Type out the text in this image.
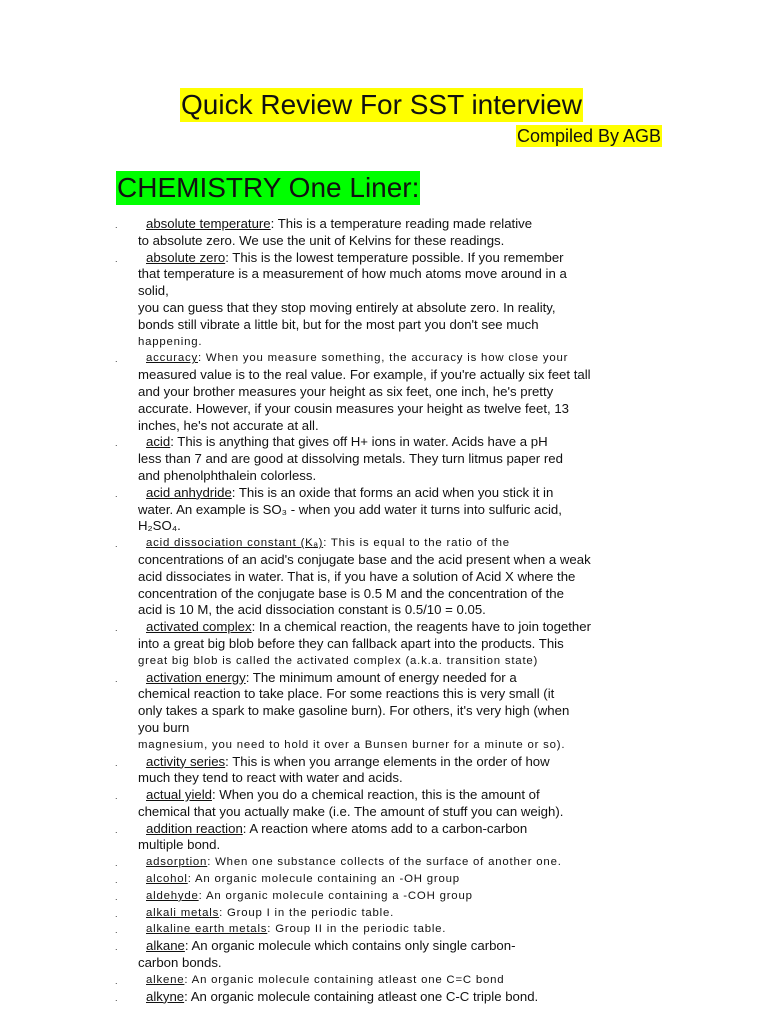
Quick Review For SST interview
Compiled By AGB
CHEMISTRY One Liner:
.	absolute temperature: This is a temperature reading made relative
to absolute zero. We use the unit of Kelvins for these readings.
.	absolute zero: This is the lowest temperature possible. If you remember
that temperature is a measurement of how much atoms move around in a
solid,
you can guess that they stop moving entirely at absolute zero. In reality,
bonds still vibrate a little bit, but for the most part you don't see much
happening.
.	accuracy: When you measure something, the accuracy is how close your
measured value is to the real value. For example, if you're actually six feet tall
and your brother measures your height as six feet, one inch, he's pretty
accurate. However, if your cousin measures your height as twelve feet, 13
inches, he's not accurate at all.
.	acid: This is anything that gives off H+ ions in water. Acids have a pH
less than 7 and are good at dissolving metals. They turn litmus paper red
and phenolphthalein colorless.
.	acid anhydride: This is an oxide that forms an acid when you stick it in
water. An example is SO₃ - when you add water it turns into sulfuric acid,
H₂SO₄.
.	acid dissociation constant (Kₐ): This is equal to the ratio of the
concentrations of an acid's conjugate base and the acid present when a weak
acid dissociates in water. That is, if you have a solution of Acid X where the
concentration of the conjugate base is 0.5 M and the concentration of the
acid is 10 M, the acid dissociation constant is 0.5/10 = 0.05.
.	activated complex: In a chemical reaction, the reagents have to join together
into a great big blob before they can fallback apart into the products. This
great big blob is called the activated complex (a.k.a. transition state)
.	activation energy: The minimum amount of energy needed for a
chemical reaction to take place. For some reactions this is very small (it
only takes a spark to make gasoline burn). For others, it's very high (when
you burn
magnesium, you need to hold it over a Bunsen burner for a minute or so).
.	activity series: This is when you arrange elements in the order of how
much they tend to react with water and acids.
.	actual yield: When you do a chemical reaction, this is the amount of
chemical that you actually make (i.e. The amount of stuff you can weigh).
.	addition reaction: A reaction where atoms add to a carbon-carbon
multiple bond.
.	adsorption: When one substance collects of the surface of another one.
.	alcohol: An organic molecule containing an -OH group
.	aldehyde: An organic molecule containing a -COH group
.	alkali metals: Group I in the periodic table.
.	alkaline earth metals: Group II in the periodic table.
.	alkane: An organic molecule which contains only single carbon-
carbon bonds.
.	alkene: An organic molecule containing atleast one C=C bond
.	alkyne: An organic molecule containing atleast one C-C triple bond.
